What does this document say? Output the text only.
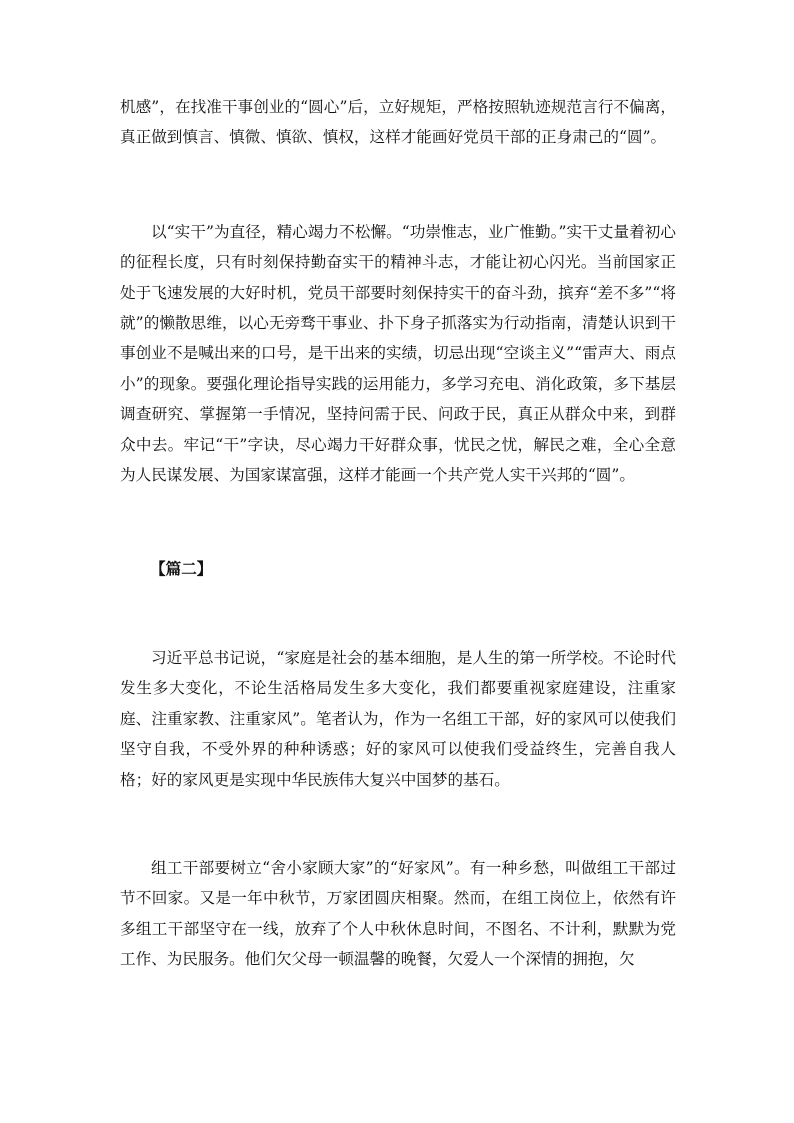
机感”，在找准干事创业的“圆心”后，立好规矩，严格按照轨迹规范言行不偏离，真正做到慎言、慎微、慎欲、慎权，这样才能画好党员干部的正身肃己的“圆”。

以“实干”为直径，精心竭力不松懈。“功崇惟志，业广惟勤。”实干丈量着初心的征程长度，只有时刻保持勤奋实干的精神斗志，才能让初心闪光。当前国家正处于飞速发展的大好时机，党员干部要时刻保持实干的奋斗劲，摈弃“差不多”“将就”的懒散思维，以心无旁骛干事业、扑下身子抓落实为行动指南，清楚认识到干事创业不是喊出来的口号，是干出来的实绩，切忌出现“空谈主义”“雷声大、雨点小”的现象。要强化理论指导实践的运用能力，多学习充电、消化政策，多下基层调查研究、掌握第一手情况，坚持问需于民、问政于民，真正从群众中来，到群众中去。牢记“干”字诀，尽心竭力干好群众事，忧民之忧，解民之难，全心全意为人民谋发展、为国家谋富强，这样才能画一个共产党人实干兴邦的“圆”。

【篇二】

习近平总书记说，“家庭是社会的基本细胞，是人生的第一所学校。不论时代发生多大变化，不论生活格局发生多大变化，我们都要重视家庭建设，注重家庭、注重家教、注重家风”。笔者认为，作为一名组工干部，好的家风可以使我们坚守自我，不受外界的种种诱惑；好的家风可以使我们受益终生，完善自我人格；好的家风更是实现中华民族伟大复兴中国梦的基石。

组工干部要树立“舍小家顾大家”的“好家风”。有一种乡愁，叫做组工干部过节不回家。又是一年中秋节，万家团圆庆相聚。然而，在组工岗位上，依然有许多组工干部坚守在一线，放弃了个人中秋休息时间，不图名、不计利，默默为党工作、为民服务。他们欠父母一顿温馨的晚餐，欠爱人一个深情的拥抱，欠
